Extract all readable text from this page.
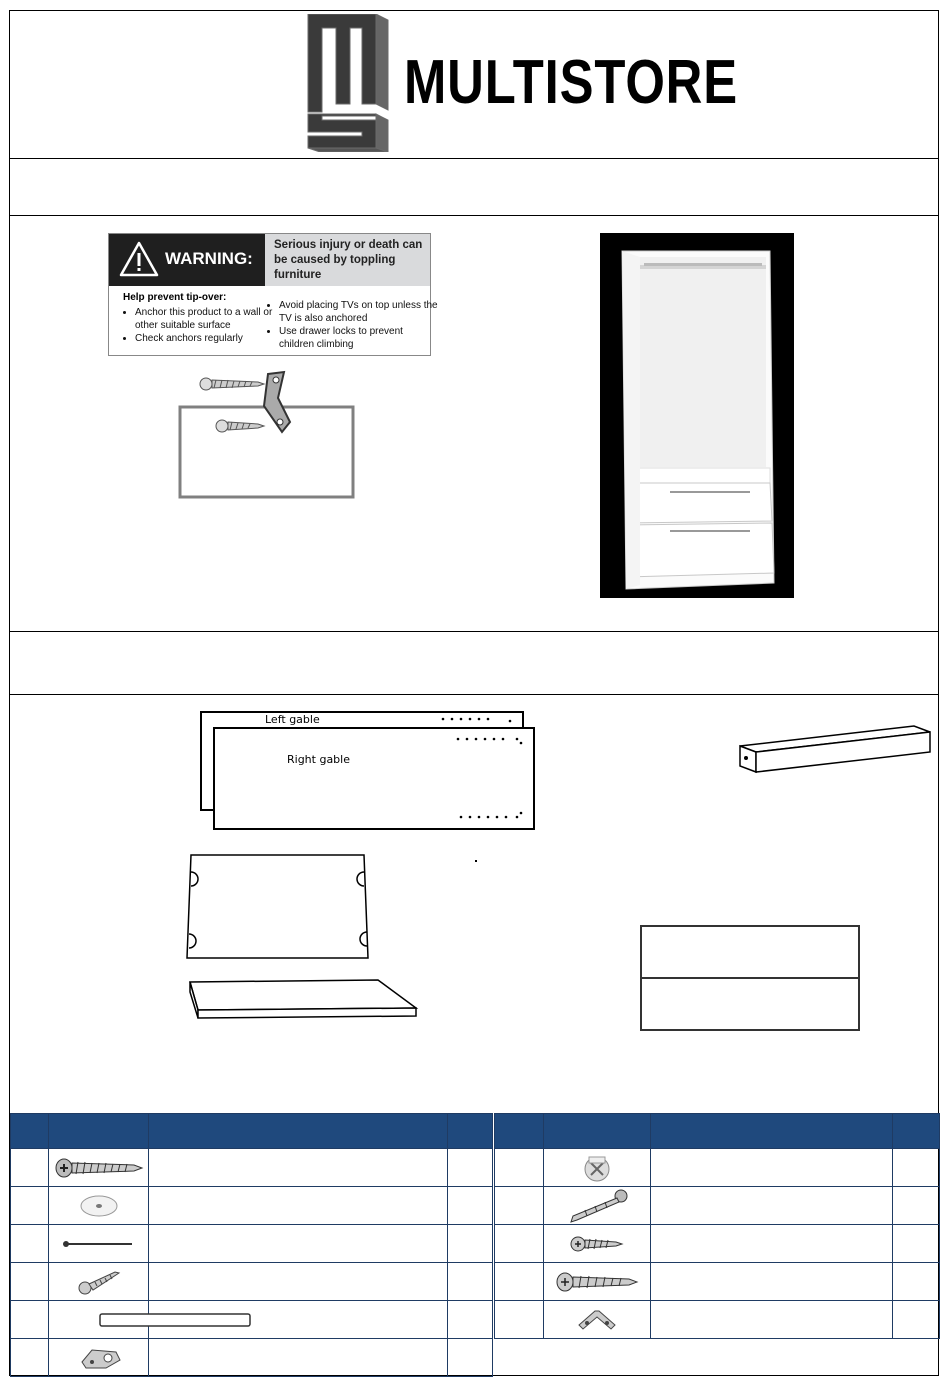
MULTISTORE
WARNING:
Serious injury or death can be caused by toppling furniture
Help prevent tip-over:
• Anchor this product to a wall or other suitable surface
• Check anchors regularly
• Avoid placing TVs on top unless the TV is also anchored
• Use drawer locks to prevent children climbing
Left gable
Right gable
